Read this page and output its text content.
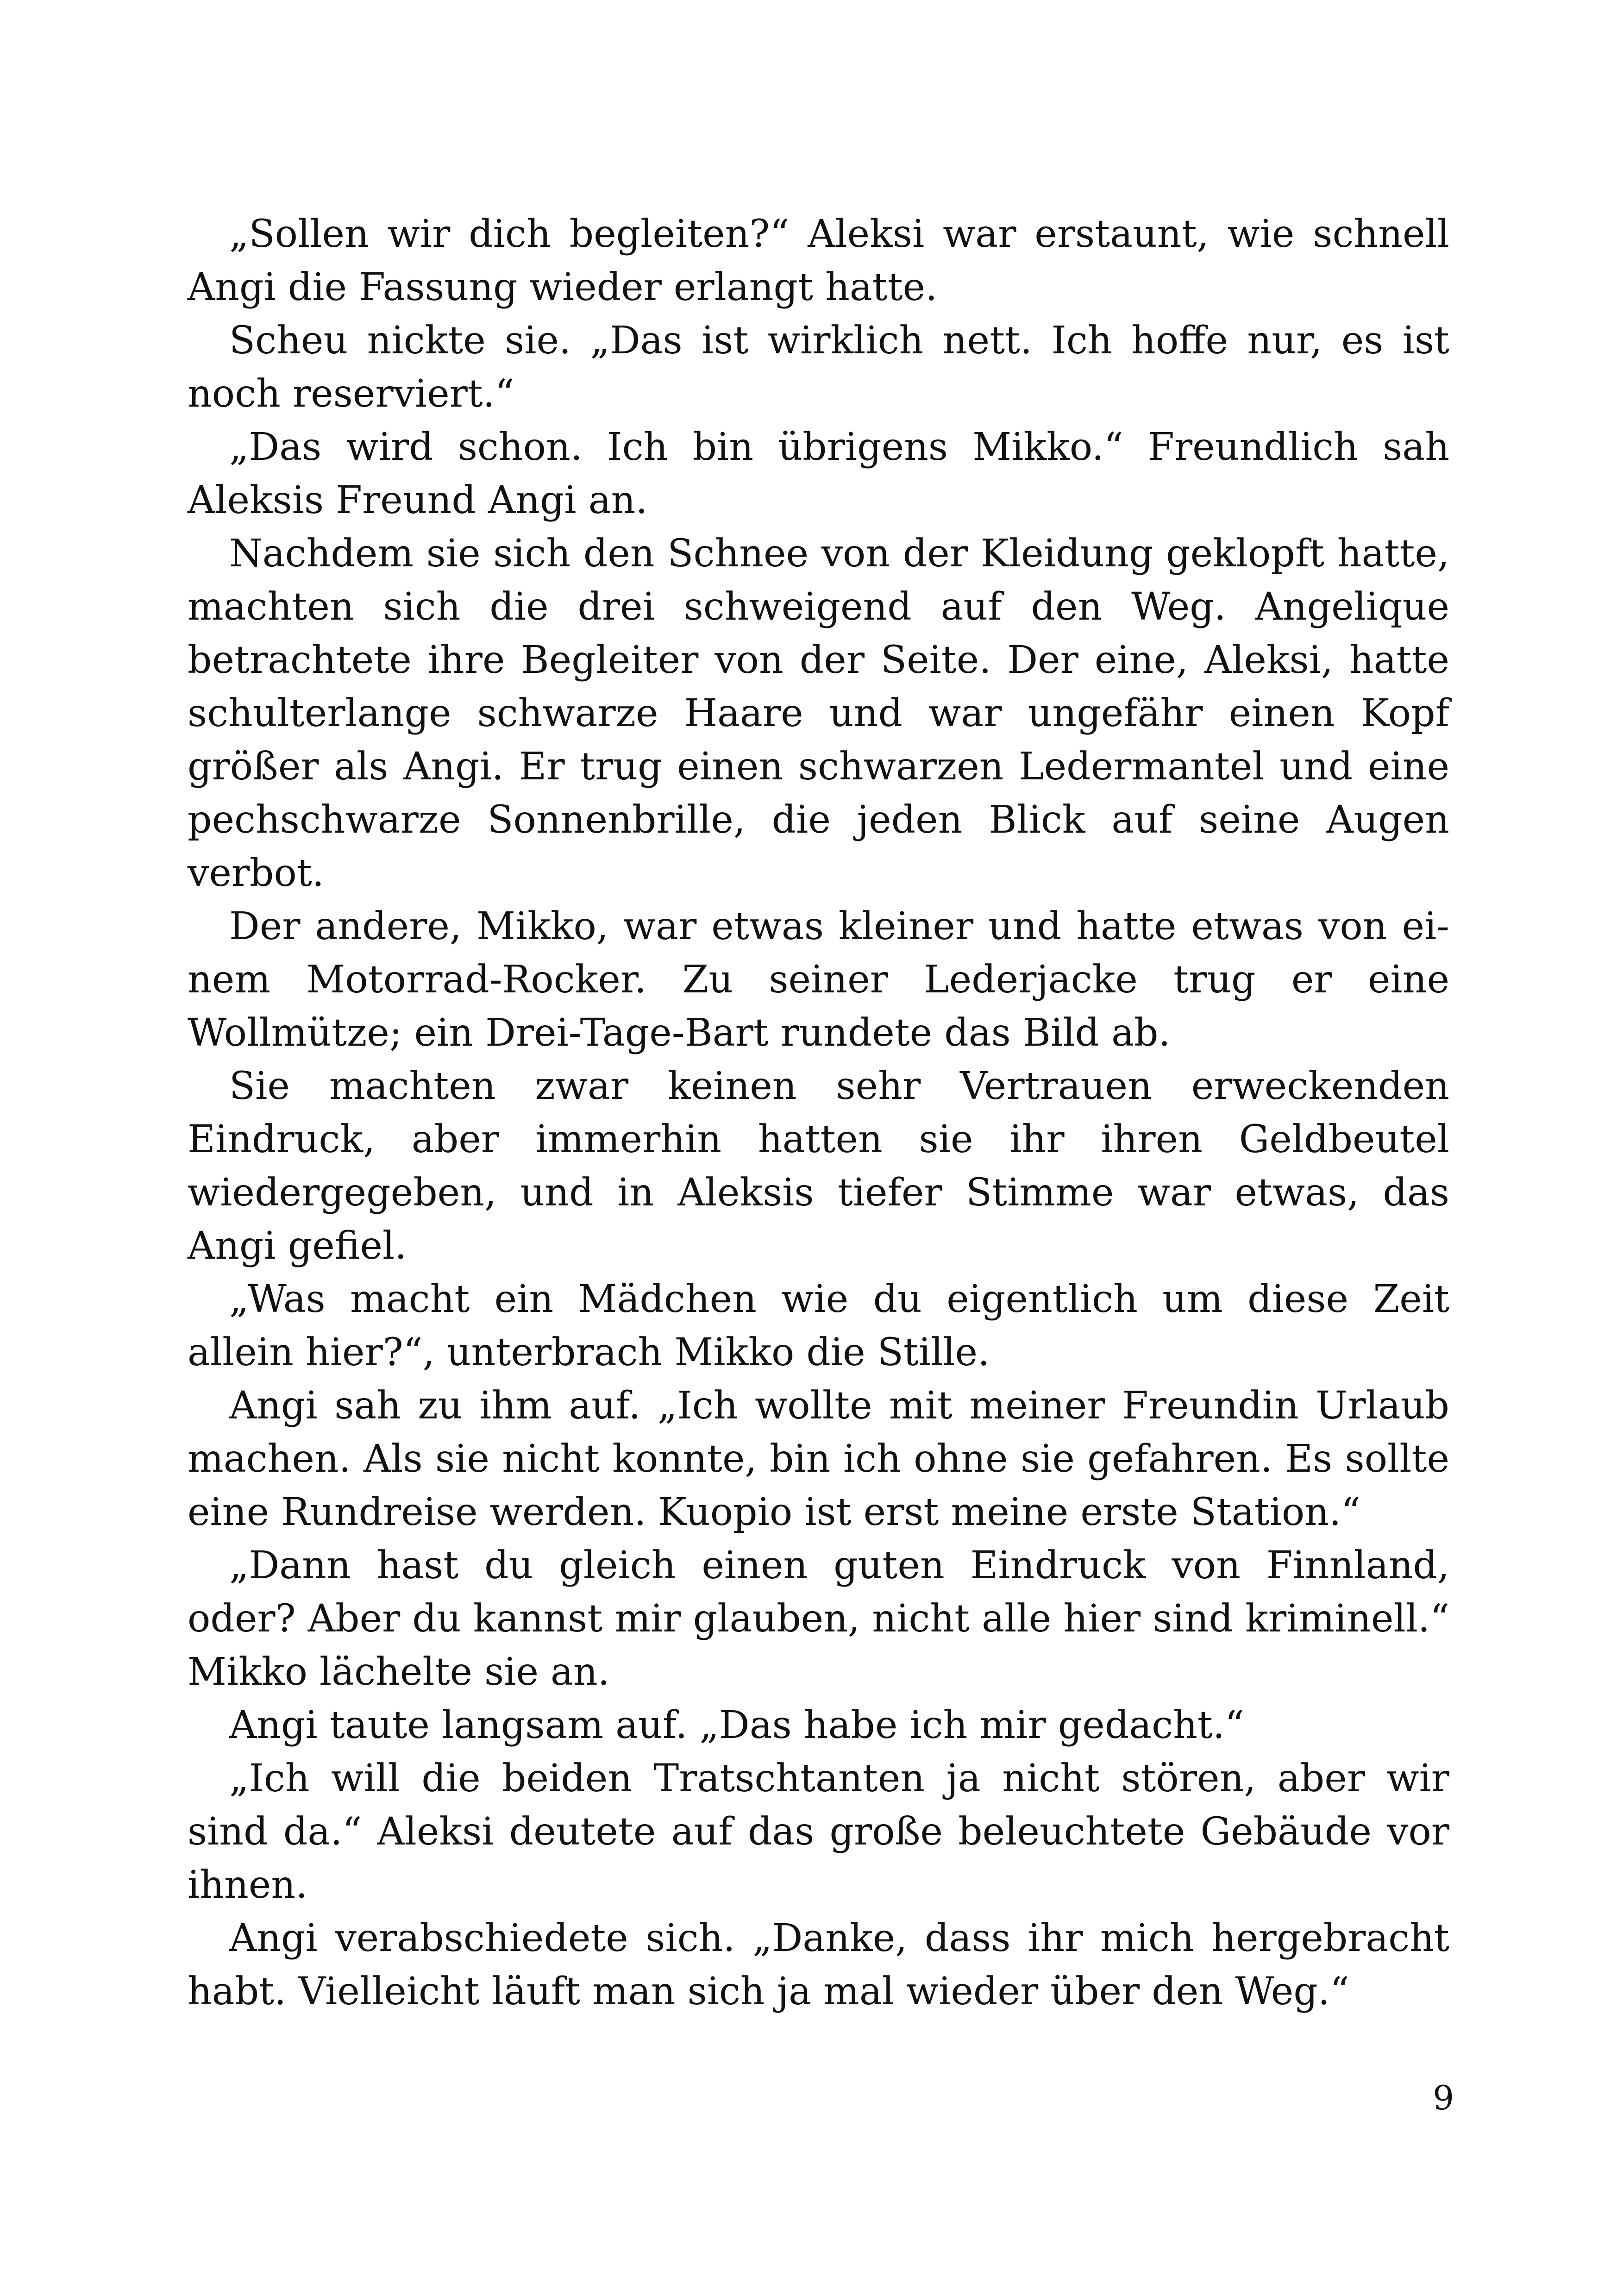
„Sollen wir dich begleiten?“ Aleksi war erstaunt, wie schnell Angi die Fassung wieder erlangt hatte.

Scheu nickte sie. „Das ist wirklich nett. Ich hoffe nur, es ist noch reserviert.“

„Das wird schon. Ich bin übrigens Mikko.“ Freundlich sah Aleksis Freund Angi an.

Nachdem sie sich den Schnee von der Kleidung geklopft hatte, machten sich die drei schweigend auf den Weg. Angelique betrachtete ihre Begleiter von der Seite. Der eine, Aleksi, hatte schulterlange schwarze Haare und war ungefähr einen Kopf größer als Angi. Er trug einen schwarzen Ledermantel und eine pechschwarze Sonnenbrille, die jeden Blick auf seine Augen verbot.

Der andere, Mikko, war etwas kleiner und hatte etwas von einem Motorrad-Rocker. Zu seiner Lederjacke trug er eine Wollmütze; ein Drei-Tage-Bart rundete das Bild ab.

Sie machten zwar keinen sehr Vertrauen erweckenden Eindruck, aber immerhin hatten sie ihr ihren Geldbeutel wiedergegeben, und in Aleksis tiefer Stimme war etwas, das Angi gefiel.

„Was macht ein Mädchen wie du eigentlich um diese Zeit allein hier?“, unterbrach Mikko die Stille.

Angi sah zu ihm auf. „Ich wollte mit meiner Freundin Urlaub machen. Als sie nicht konnte, bin ich ohne sie gefahren. Es sollte eine Rundreise werden. Kuopio ist erst meine erste Station.“

„Dann hast du gleich einen guten Eindruck von Finnland, oder? Aber du kannst mir glauben, nicht alle hier sind kriminell.“ Mikko lächelte sie an.

Angi taute langsam auf. „Das habe ich mir gedacht.“

„Ich will die beiden Tratschtanten ja nicht stören, aber wir sind da.“ Aleksi deutete auf das große beleuchtete Gebäude vor ihnen.

Angi verabschiedete sich. „Danke, dass ihr mich hergebracht habt. Vielleicht läuft man sich ja mal wieder über den Weg.“

9
